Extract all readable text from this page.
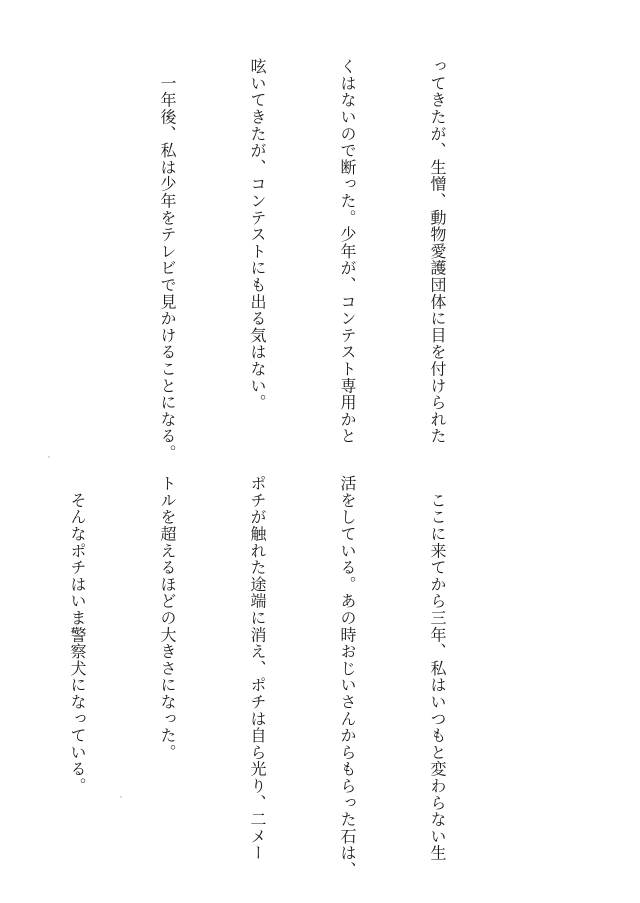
ってきたが、生憎、動物愛護団体に目を付けられた

くはないので断った。少年が、コンテスト専用かと

呟いてきたが、コンテストにも出る気はない。

　一年後、私は少年をテレビで見かけることになる。

　ここに来てから三年、私はいつもと変わらない生

活をしている。あの時おじいさんからもらった石は、

ポチが触れた途端に消え、ポチは自ら光り、二メー

トルを超えるほどの大きさになった。

　そんなポチはいま警察犬になっている。
